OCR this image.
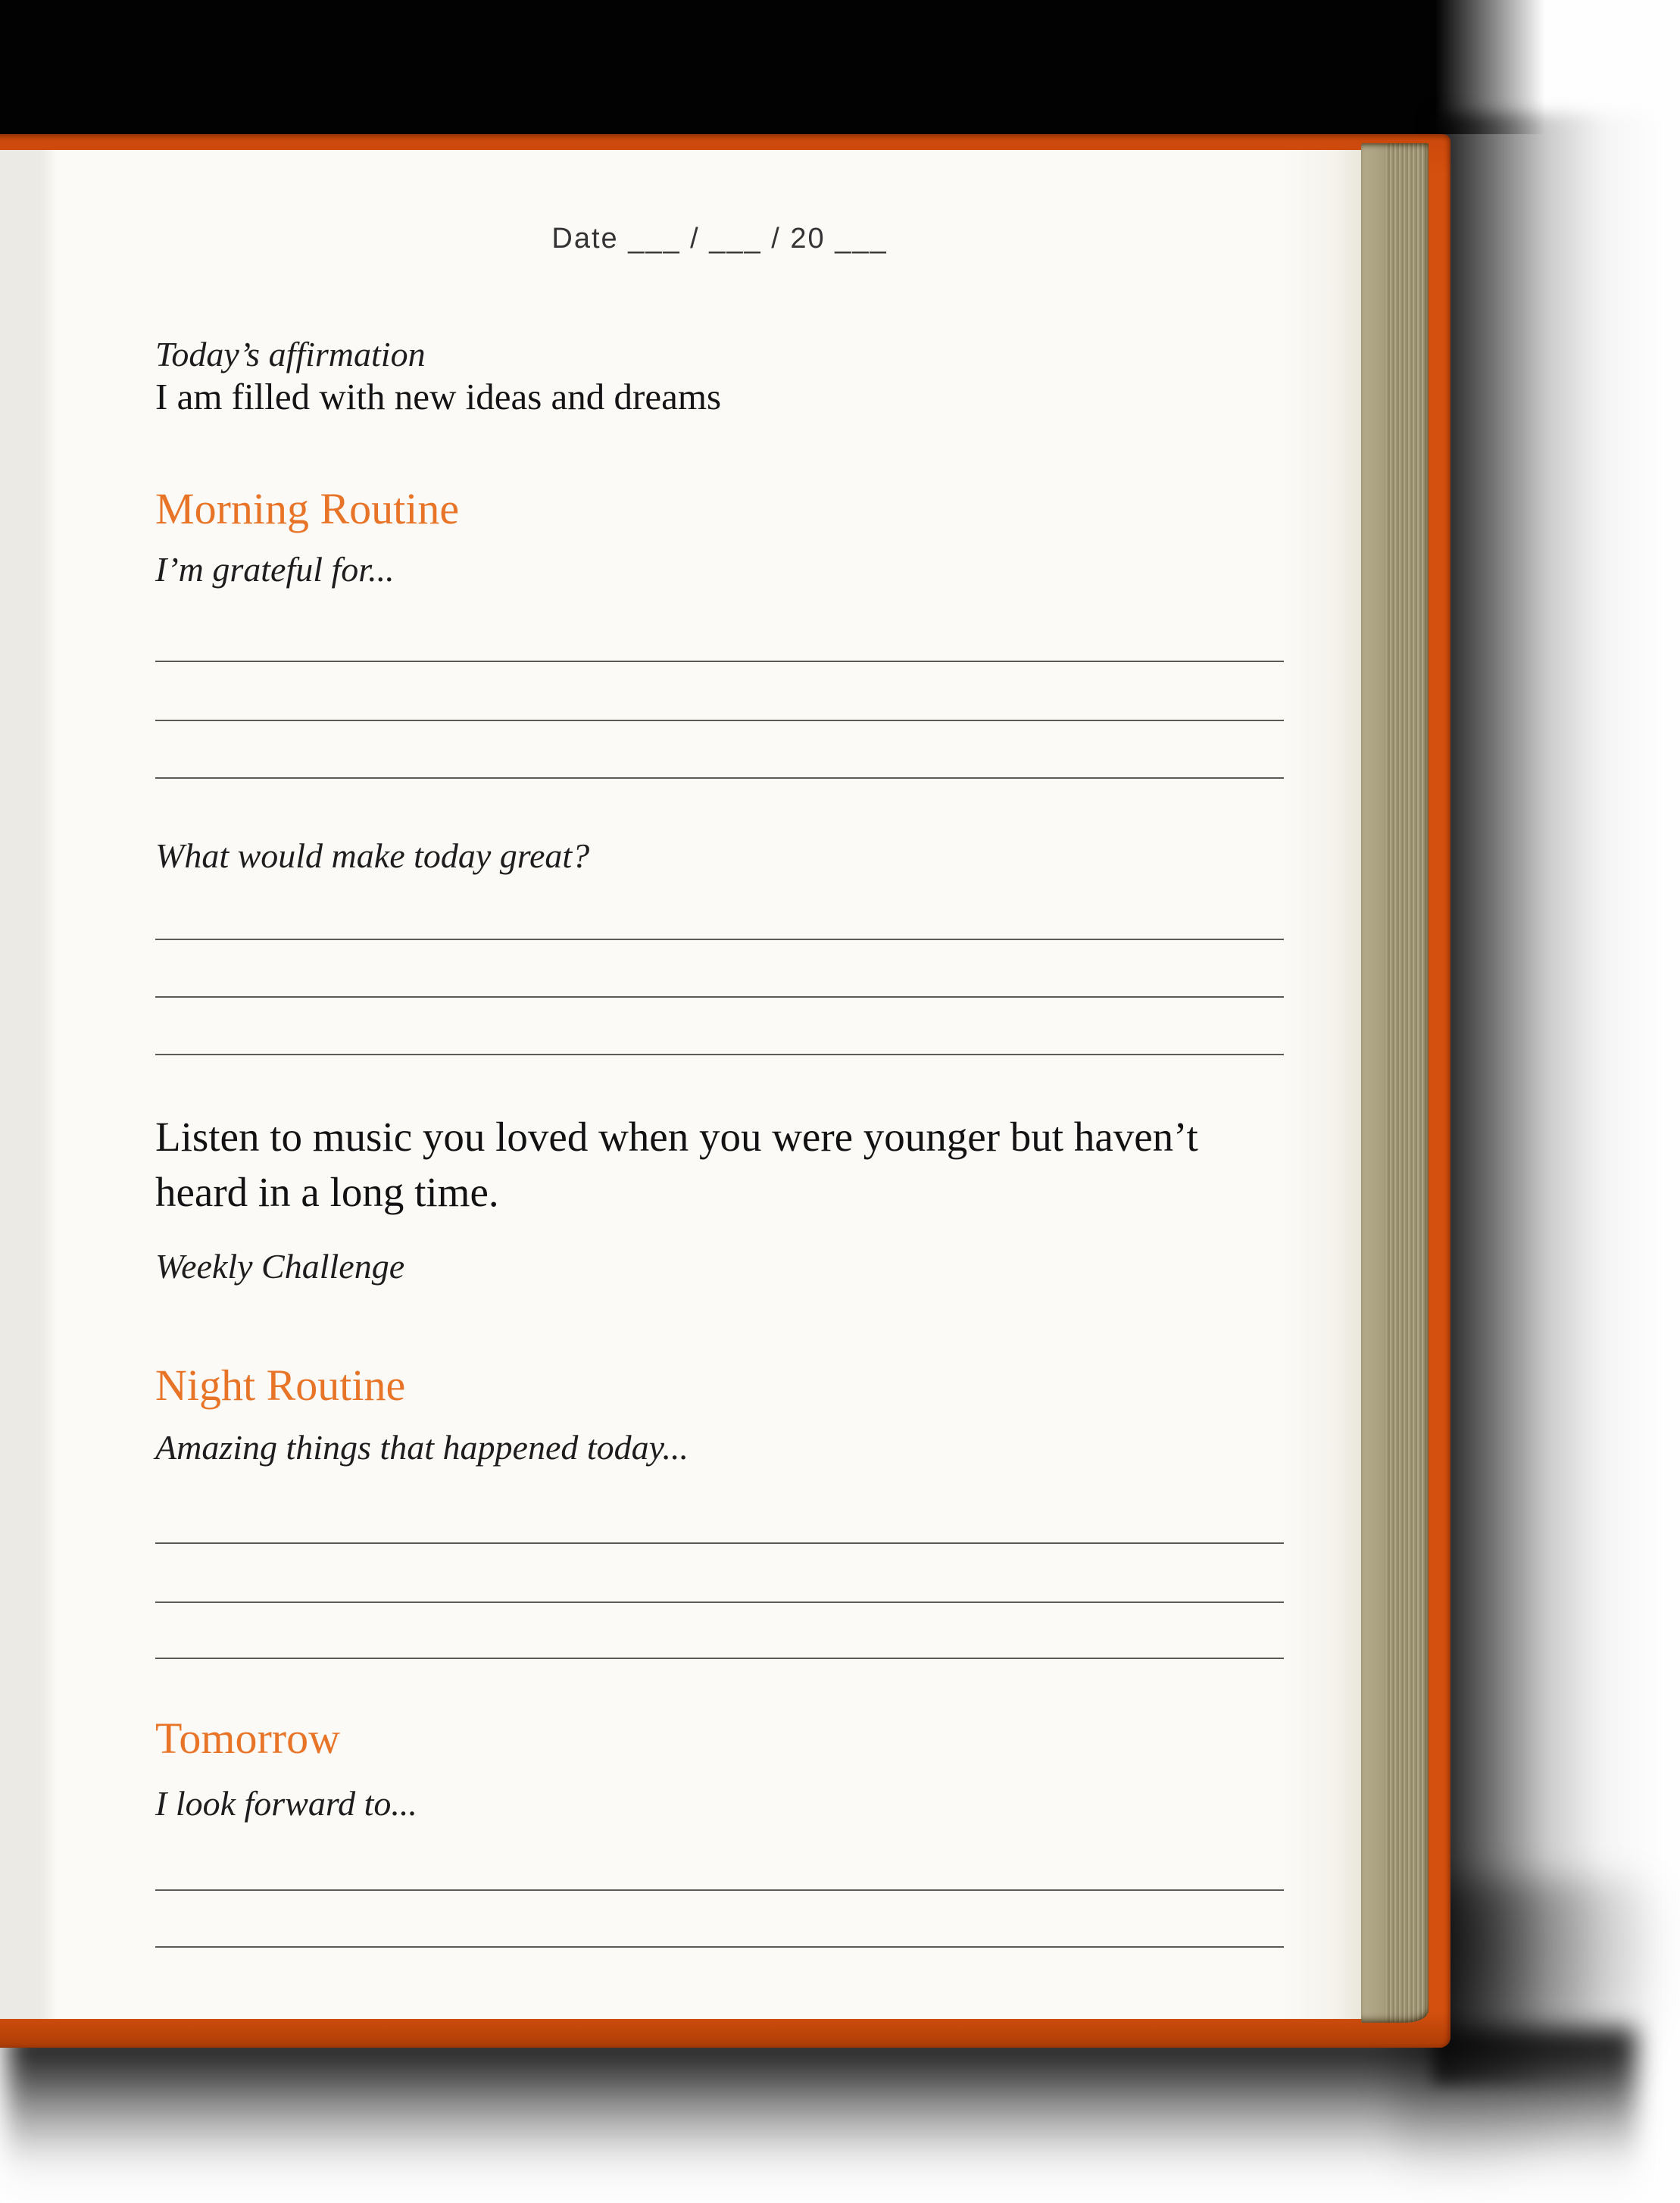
Date ___ / ___ / 20 ___
Today’s affirmation
I am filled with new ideas and dreams
Morning Routine
I’m grateful for...
What would make today great?
Listen to music you loved when you were younger but haven’t heard in a long time.
Weekly Challenge
Night Routine
Amazing things that happened today...
Tomorrow
I look forward to...
